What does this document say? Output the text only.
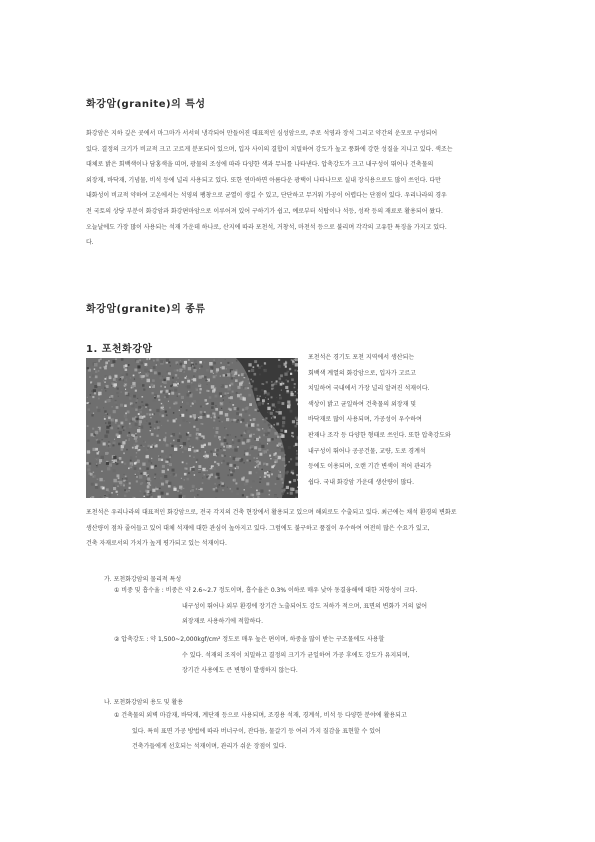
화강암(granite)의 특성
화강암은 지하 깊은 곳에서 마그마가 서서히 냉각되어 만들어진 대표적인 심성암으로, 주로 석영과 장석 그리고 약간의 운모로 구성되어
있다. 결정의 크기가 비교적 크고 고르게 분포되어 있으며, 입자 사이의 결합이 치밀하여 강도가 높고 풍화에 강한 성질을 지니고 있다. 색조는
대체로 밝은 회백색이나 담홍색을 띠며, 광물의 조성에 따라 다양한 색과 무늬를 나타낸다. 압축강도가 크고 내구성이 뛰어나 건축물의
외장재, 바닥재, 기념물, 비석 등에 널리 사용되고 있다. 또한 연마하면 아름다운 광택이 나타나므로 실내 장식용으로도 많이 쓰인다. 다만
내화성이 비교적 약하여 고온에서는 석영의 팽창으로 균열이 생길 수 있고, 단단하고 무거워 가공이 어렵다는 단점이 있다. 우리나라의 경우
전 국토의 상당 부분이 화강암과 화강편마암으로 이루어져 있어 구하기가 쉽고, 예로부터 석탑이나 석등, 성곽 등의 재료로 활용되어 왔다.
오늘날에도 가장 많이 사용되는 석재 가운데 하나로, 산지에 따라 포천석, 거창석, 마천석 등으로 불리며 각각의 고유한 특징을 가지고 있다.
다.
화강암(granite)의 종류
1. 포천화강암
포천석은 경기도 포천 지역에서 생산되는
회백색 계열의 화강암으로, 입자가 고르고
치밀하여 국내에서 가장 널리 알려진 석재이다.
색상이 밝고 균일하여 건축물의 외장재 및
바닥재로 많이 사용되며, 가공성이 우수하여
판재나 조각 등 다양한 형태로 쓰인다. 또한 압축강도와
내구성이 뛰어나 공공건물, 교량, 도로 경계석
등에도 이용되며, 오랜 기간 변색이 적어 관리가
쉽다. 국내 화강암 가운데 생산량이 많다.
포천석은 우리나라의 대표적인 화강암으로, 전국 각지의 건축 현장에서 활용되고 있으며 해외로도 수출되고 있다. 최근에는 채석 환경의 변화로
생산량이 점차 줄어들고 있어 대체 석재에 대한 관심이 높아지고 있다. 그럼에도 불구하고 품질이 우수하여 여전히 많은 수요가 있고,
건축 자재로서의 가치가 높게 평가되고 있는 석재이다.
가. 포천화강암의 물리적 특성
① 비중 및 흡수율 : 비중은 약 2.6~2.7 정도이며, 흡수율은 0.3% 이하로 매우 낮아 동결융해에 대한 저항성이 크다.
내구성이 뛰어나 외부 환경에 장기간 노출되어도 강도 저하가 적으며, 표면의 변화가 거의 없어
외장재로 사용하기에 적합하다.
② 압축강도 : 약 1,500~2,000kgf/cm² 정도로 매우 높은 편이며, 하중을 많이 받는 구조물에도 사용할
수 있다. 석재의 조직이 치밀하고 결정의 크기가 균일하여 가공 후에도 강도가 유지되며,
장기간 사용에도 큰 변형이 발생하지 않는다.
나. 포천화강암의 용도 및 활용
① 건축물의 외벽 마감재, 바닥재, 계단재 등으로 사용되며, 조경용 석재, 경계석, 비석 등 다양한 분야에 활용되고
있다. 특히 표면 가공 방법에 따라 버너구이, 잔다듬, 물갈기 등 여러 가지 질감을 표현할 수 있어
건축가들에게 선호되는 석재이며, 관리가 쉬운 장점이 있다.
